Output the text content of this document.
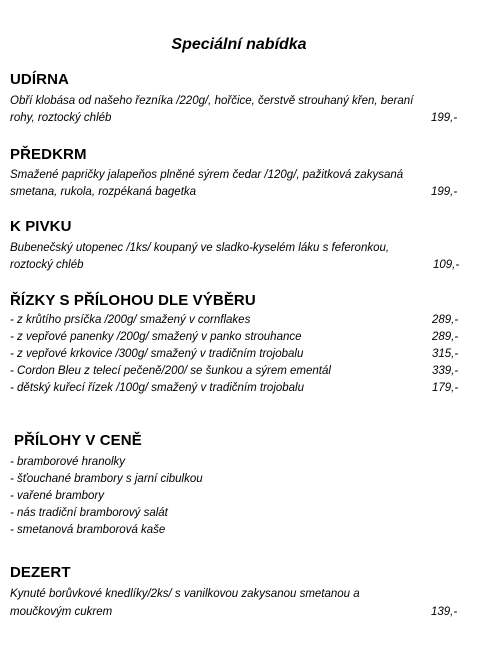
Speciální nabídka
UDÍRNA
Obří klobása od našeho řezníka /220g/, hořčice, čerstvě strouhaný křen, beraní
rohy, roztocký chléb	199,-
PŘEDKRM
Smažené papričky jalapeňos plněné sýrem čedar /120g/, pažitková zakysaná
smetana, rukola, rozpékaná bagetka	199,-
K PIVKU
Bubenečský utopenec /1ks/ koupaný ve sladko-kyselém láku s feferonkou,
roztocký chléb	109,-
ŘÍZKY S PŘÍLOHOU DLE VÝBĚRU
- z krůtího prsíčka /200g/ smažený v cornflakes	289,-
- z vepřové panenky /200g/ smažený v panko strouhance	289,-
- z vepřové krkovice /300g/ smažený v tradičním trojobalu	315,-
- Cordon Bleu z telecí pečeně/200/ se šunkou a sýrem ementál	339,-
- dětský kuřecí řízek /100g/ smažený v tradičním trojobalu	179,-
PŘÍLOHY V CENĚ
- bramborové hranolky
- šťouchané brambory s jarní cibulkou
- vařené brambory
- nás tradiční bramborový salát
- smetanová bramborová kaše
DEZERT
Kynuté borůvkové knedlíky/2ks/ s vanilkovou zakysanou smetanou a
moučkovým cukrem	139,-
